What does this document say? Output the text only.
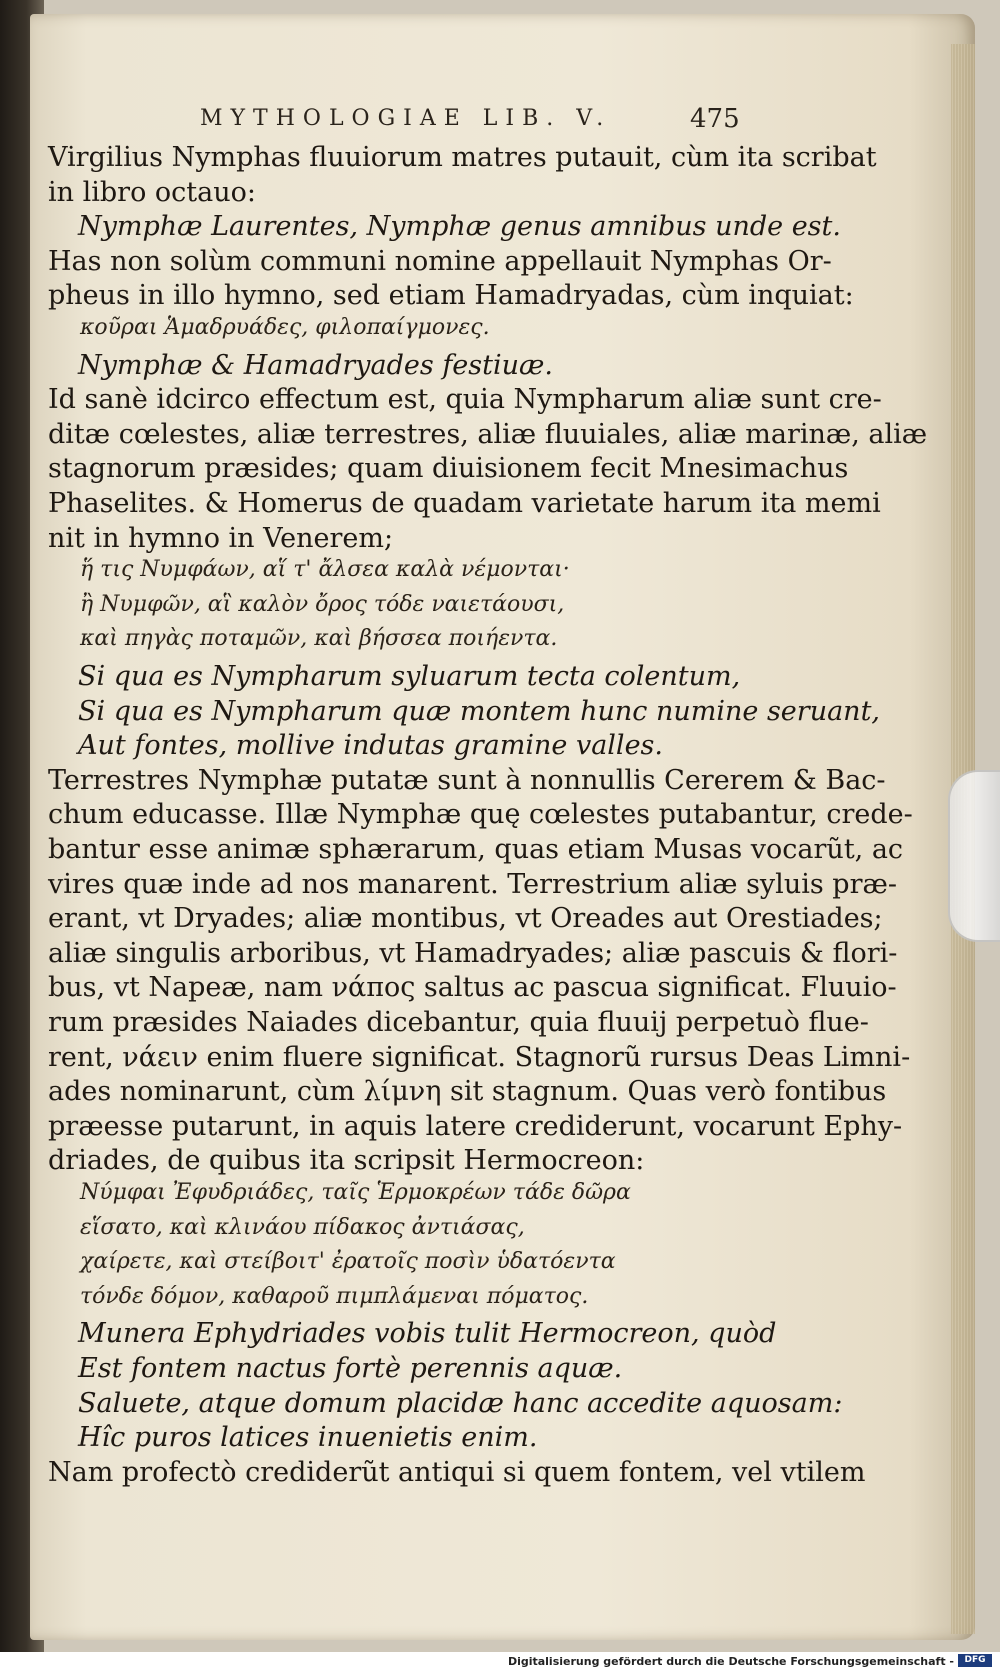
MYTHOLOGIAE LIB. V.	475
Virgilius Nymphas fluuiorum matres putauit, cùm ita scribat
in libro octauo:
Nymphæ Laurentes, Nymphæ genus amnibus unde est.
Has non solùm communi nomine appellauit Nymphas Or-
pheus in illo hymno, sed etiam Hamadryadas, cùm inquiat:
κοῦραι Ἁμαδρυάδες, φιλοπαίγμονες.
Nymphæ & Hamadryades festiuæ.
Id sanè idcirco effectum est, quia Nympharum aliæ sunt cre-
ditæ cœlestes, aliæ terrestres, aliæ fluuiales, aliæ marinæ, aliæ
stagnorum præsides; quam diuisionem fecit Mnesimachus
Phaselites. & Homerus de quadam varietate harum ita memi
nit in hymno in Venerem;
ἥ τις Νυμφάων, αἵ τ' ἄλσεα καλὰ νέμονται·
ἢ Νυμφῶν, αἳ καλὸν ὄρος τόδε ναιετάουσι,
καὶ πηγὰς ποταμῶν, καὶ βήσσεα ποιήεντα.
Si qua es Nympharum syluarum tecta colentum,
Si qua es Nympharum quæ montem hunc numine seruant,
Aut fontes, mollive indutas gramine valles.
Terrestres Nymphæ putatæ sunt à nonnullis Cererem & Bac-
chum educasse. Illæ Nymphæ quę cœlestes putabantur, crede-
bantur esse animæ sphærarum, quas etiam Musas vocarũt, ac
vires quæ inde ad nos manarent. Terrestrium aliæ syluis præ-
erant, vt Dryades; aliæ montibus, vt Oreades aut Orestiades;
aliæ singulis arboribus, vt Hamadryades; aliæ pascuis & flori-
bus, vt Napeæ, nam νάπος saltus ac pascua significat. Fluuio-
rum præsides Naiades dicebantur, quia fluuij perpetuò flue-
rent, νάειν enim fluere significat. Stagnorũ rursus Deas Limni-
ades nominarunt, cùm λίμνη sit stagnum. Quas verò fontibus
præesse putarunt, in aquis latere crediderunt, vocarunt Ephy-
driades, de quibus ita scripsit Hermocreon:
Νύμφαι Ἐφυδριάδες, ταῖς Ἑρμοκρέων τάδε δῶρα
εἵσατο, καὶ κλινάου πίδακος ἀντιάσας,
χαίρετε, καὶ στείβοιτ' ἐρατοῖς ποσὶν ὑδατόεντα
τόνδε δόμον, καθαροῦ πιμπλάμεναι πόματος.
Munera Ephydriades vobis tulit Hermocreon, quòd
Est fontem nactus fortè perennis aquæ.
Saluete, atque domum placidæ hanc accedite aquosam:
Hîc puros latices inuenietis enim.
Nam profectò crediderũt antiqui si quem fontem, vel vtilem
Digitalisierung gefördert durch die Deutsche Forschungsgemeinschaft -	DFG
